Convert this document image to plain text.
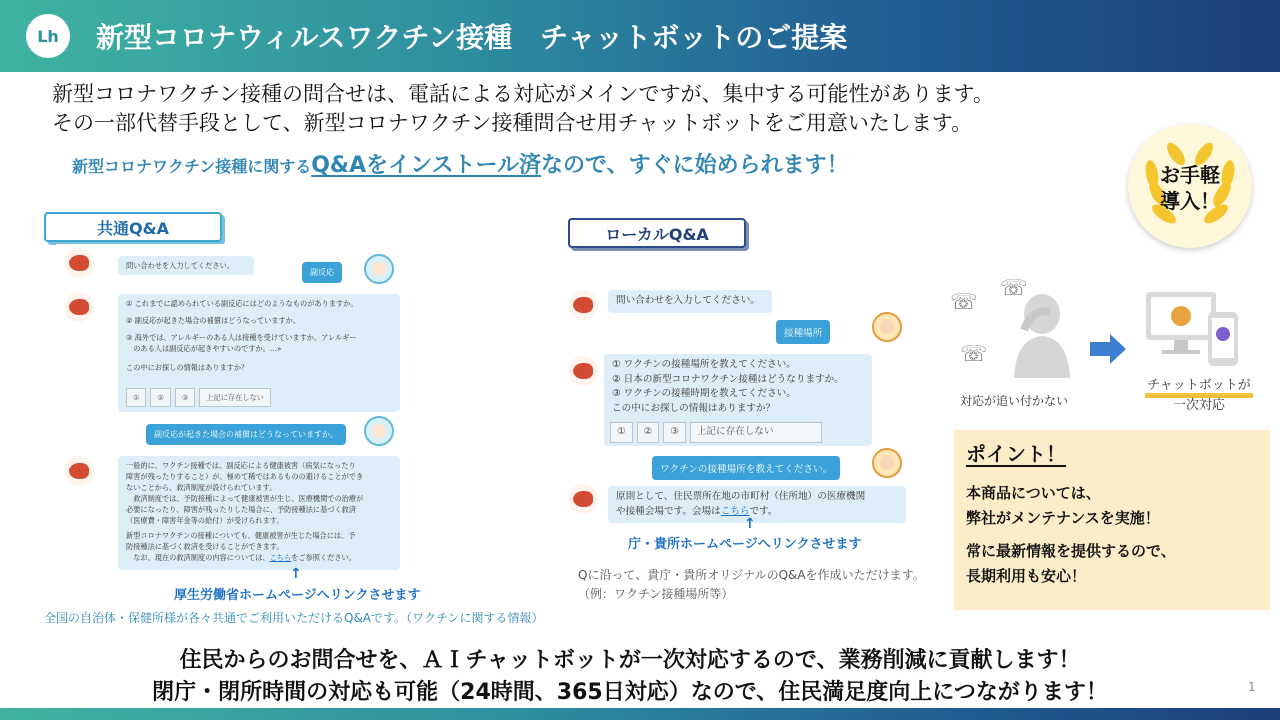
Lh	新型コロナウィルスワクチン接種　チャットボットのご提案
新型コロナワクチン接種の問合せは、電話による対応がメインですが、集中する可能性があります。
その一部代替手段として、新型コロナワクチン接種問合せ用チャットボットをご用意いたします。
新型コロナワクチン接種に関するQ&Aをインストール済なので、すぐに始められます！	お手軽
導入！
共通Q&A	ローカルQ&A
問い合わせを入力してください。
副反応
① これまでに認められている副反応にはどのようなものがありますか。
② 副反応が起きた場合の補償はどうなっていますか。
③ 海外では、アレルギーのある人は接種を受けていますか。アレルギー
　のある人は副反応が起きやすいのですか。…»
この中にお探しの情報はありますか？
①	②	③	上記に存在しない
副反応が起きた場合の補償はどうなっていますか。
一般的に、ワクチン接種では、副反応による健康被害（病気になったり
障害が残ったりすること）が、極めて稀ではあるものの避けることができ
ないことから、救済制度が設けられています。
　救済制度では、予防接種によって健康被害が生じ、医療機関での治療が
必要になったり、障害が残ったりした場合に、予防接種法に基づく救済
（医療費・障害年金等の給付）が受けられます。
新型コロナワクチンの接種についても、健康被害が生じた場合には、予
防接種法に基づく救済を受けることができます。
　なお、現在の救済制度の内容については、こちらをご参照ください。
↑
厚生労働省ホームページへリンクさせます
全国の自治体・保健所様が各々共通でご利用いただけるQ&Aです。（ワクチンに関する情報）
問い合わせを入力してください。
接種場所
① ワクチンの接種場所を教えてください。
② 日本の新型コロナワクチン接種はどうなりますか。
③ ワクチンの接種時期を教えてください。
この中にお探しの情報はありますか？
①	②	③	上記に存在しない
ワクチンの接種場所を教えてください。
原則として、住民票所在地の市町村（住所地）の医療機関
や接種会場です。会場はこちらです。
↑
庁・貴所ホームページへリンクさせます
Qに沿って、貴庁・貴所オリジナルのQ&Aを作成いただけます。
（例：ワクチン接種場所等）
☏
☏
☏
対応が追い付かない
チャットボットが
一次対応
ポイント！
本商品については、
弊社がメンテナンスを実施！
常に最新情報を提供するので、
長期利用も安心！
住民からのお問合せを、ＡＩチャットボットが一次対応するので、業務削減に貢献します！
閉庁・閉所時間の対応も可能（24時間、365日対応）なので、住民満足度向上につながります！	1
